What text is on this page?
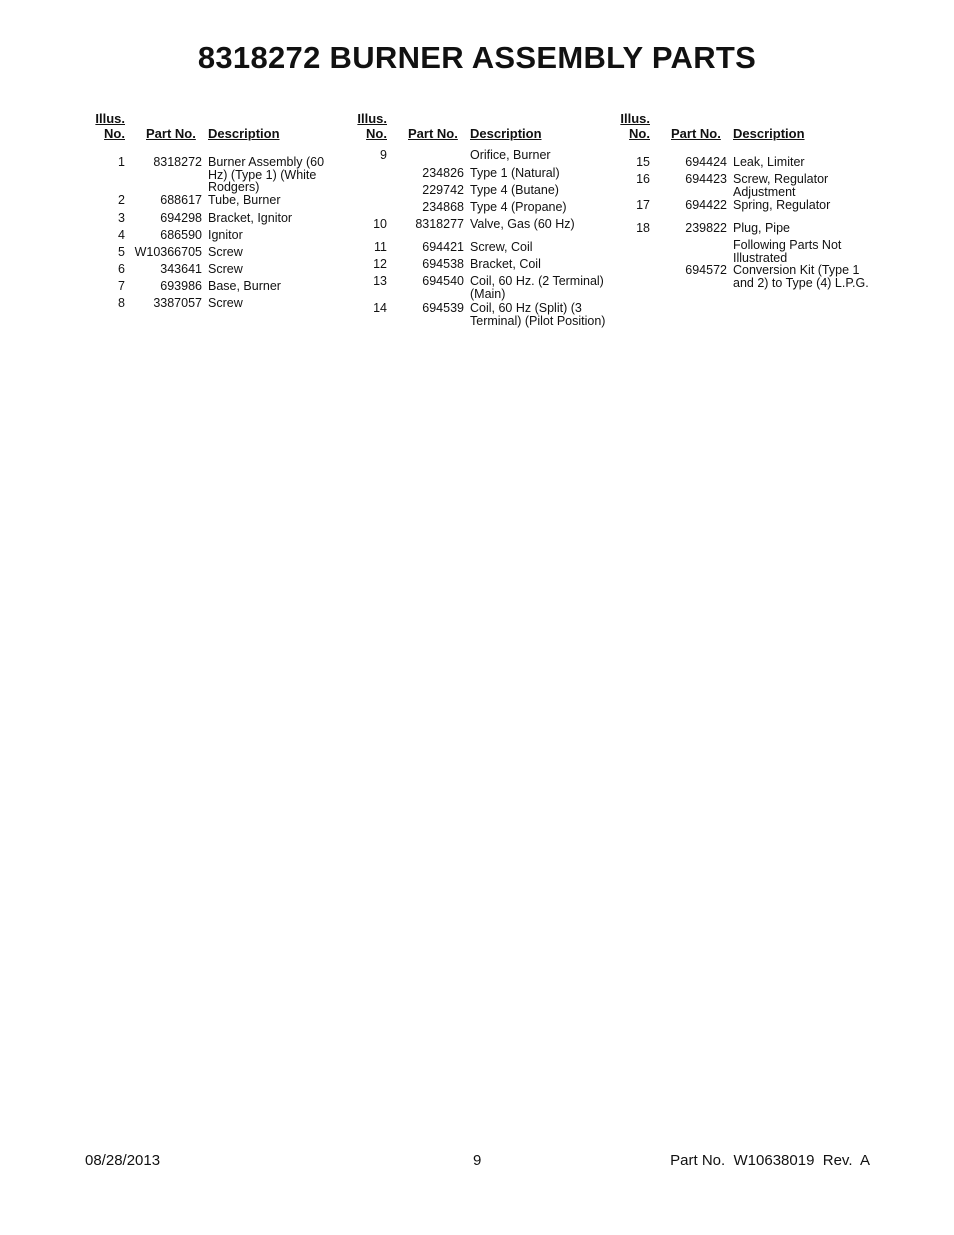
8318272 BURNER ASSEMBLY PARTS
Illus.
No. Part No. Description
1 8318272 Burner Assembly (60
Hz) (Type 1) (White
Rodgers)
2	688617 Tube, Burner
3	694298 Bracket, Ignitor
4	686590 Ignitor
5 W10366705 Screw
6	343641 Screw
7	693986 Base, Burner
8 3387057 Screw
Illus.
No. Part No. Description
9	Orifice, Burner
234826 Type 1 (Natural)
229742 Type 4 (Butane)
234868 Type 4 (Propane)
10 8318277 Valve, Gas (60 Hz)
11	694421 Screw, Coil
12	694538 Bracket, Coil
13	694540 Coil, 60 Hz. (2 Terminal)
(Main)
14	694539 Coil, 60 Hz (Split) (3
Terminal) (Pilot Position)
Illus.
No. Part No. Description
15	694424 Leak, Limiter
16	694423 Screw, Regulator
Adjustment
17	694422 Spring, Regulator
18	239822 Plug, Pipe
Following Parts Not
Illustrated
694572 Conversion Kit (Type 1
and 2) to Type (4) L.P.G.
08/28/2013	9	Part No.  W10638019  Rev.  A
